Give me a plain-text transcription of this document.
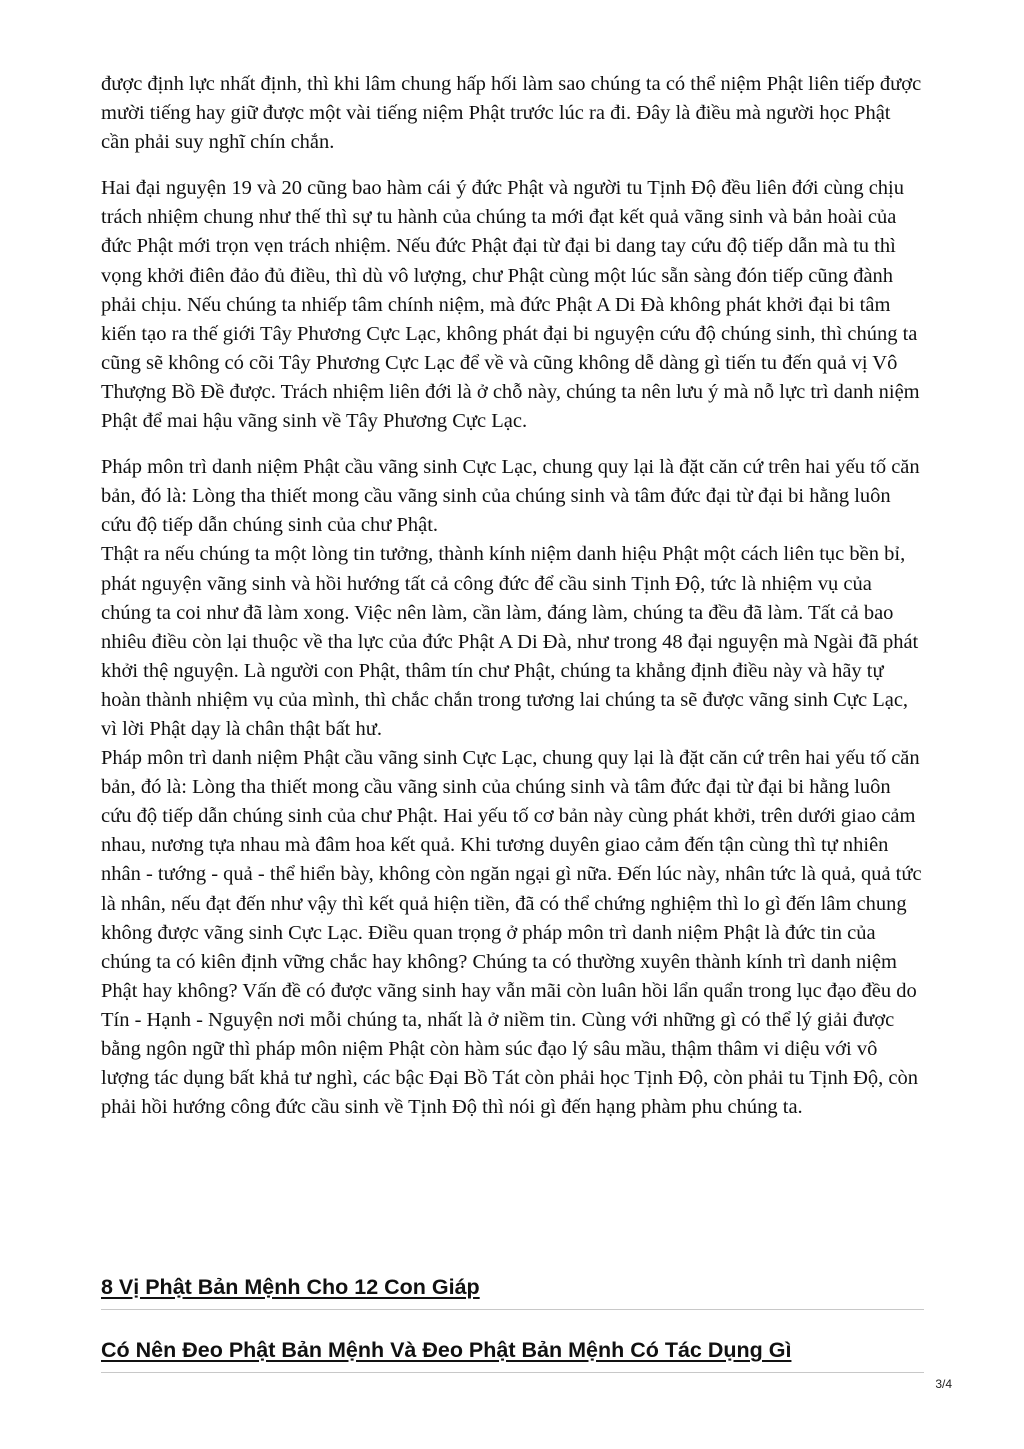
được định lực nhất định, thì khi lâm chung hấp hối làm sao chúng ta có thể niệm Phật liên tiếp được mười tiếng hay giữ được một vài tiếng niệm Phật trước lúc ra đi. Đây là điều mà người học Phật cần phải suy nghĩ chín chắn.

Hai đại nguyện 19 và 20 cũng bao hàm cái ý đức Phật và người tu Tịnh Độ đều liên đới cùng chịu trách nhiệm chung như thế thì sự tu hành của chúng ta mới đạt kết quả vãng sinh và bản hoài của đức Phật mới trọn vẹn trách nhiệm. Nếu đức Phật đại từ đại bi dang tay cứu độ tiếp dẫn mà tu thì vọng khởi điên đảo đủ điều, thì dù vô lượng, chư Phật cùng một lúc sẵn sàng đón tiếp cũng đành phải chịu. Nếu chúng ta nhiếp tâm chính niệm, mà đức Phật A Di Đà không phát khởi đại bi tâm kiến tạo ra thế giới Tây Phương Cực Lạc, không phát đại bi nguyện cứu độ chúng sinh, thì chúng ta cũng sẽ không có cõi Tây Phương Cực Lạc để về và cũng không dễ dàng gì tiến tu đến quả vị Vô Thượng Bồ Đề được. Trách nhiệm liên đới là ở chỗ này, chúng ta nên lưu ý mà nỗ lực trì danh niệm Phật để mai hậu vãng sinh về Tây Phương Cực Lạc.

Pháp môn trì danh niệm Phật cầu vãng sinh Cực Lạc, chung quy lại là đặt căn cứ trên hai yếu tố căn bản, đó là: Lòng tha thiết mong cầu vãng sinh của chúng sinh và tâm đức đại từ đại bi hằng luôn cứu độ tiếp dẫn chúng sinh của chư Phật.

Thật ra nếu chúng ta một lòng tin tưởng, thành kính niệm danh hiệu Phật một cách liên tục bền bỉ, phát nguyện vãng sinh và hồi hướng tất cả công đức để cầu sinh Tịnh Độ, tức là nhiệm vụ của chúng ta coi như đã làm xong. Việc nên làm, cần làm, đáng làm, chúng ta đều đã làm. Tất cả bao nhiêu điều còn lại thuộc về tha lực của đức Phật A Di Đà, như trong 48 đại nguyện mà Ngài đã phát khởi thệ nguyện. Là người con Phật, thâm tín chư Phật, chúng ta khẳng định điều này và hãy tự hoàn thành nhiệm vụ của mình, thì chắc chắn trong tương lai chúng ta sẽ được vãng sinh Cực Lạc, vì lời Phật dạy là chân thật bất hư.

Pháp môn trì danh niệm Phật cầu vãng sinh Cực Lạc, chung quy lại là đặt căn cứ trên hai yếu tố căn bản, đó là: Lòng tha thiết mong cầu vãng sinh của chúng sinh và tâm đức đại từ đại bi hằng luôn cứu độ tiếp dẫn chúng sinh của chư Phật. Hai yếu tố cơ bản này cùng phát khởi, trên dưới giao cảm nhau, nương tựa nhau mà đâm hoa kết quả. Khi tương duyên giao cảm đến tận cùng thì tự nhiên nhân - tướng - quả - thể hiển bày, không còn ngăn ngại gì nữa. Đến lúc này, nhân tức là quả, quả tức là nhân, nếu đạt đến như vậy thì kết quả hiện tiền, đã có thể chứng nghiệm thì lo gì đến lâm chung không được vãng sinh Cực Lạc. Điều quan trọng ở pháp môn trì danh niệm Phật là đức tin của chúng ta có kiên định vững chắc hay không? Chúng ta có thường xuyên thành kính trì danh niệm Phật hay không? Vấn đề có được vãng sinh hay vẫn mãi còn luân hồi lẩn quẩn trong lục đạo đều do Tín - Hạnh - Nguyện nơi mỗi chúng ta, nhất là ở niềm tin. Cùng với những gì có thể lý giải được bằng ngôn ngữ thì pháp môn niệm Phật còn hàm súc đạo lý sâu mầu, thậm thâm vi diệu với vô lượng tác dụng bất khả tư nghì, các bậc Đại Bồ Tát còn phải học Tịnh Độ, còn phải tu Tịnh Độ, còn phải hồi hướng công đức cầu sinh về Tịnh Độ thì nói gì đến hạng phàm phu chúng ta.

8 Vị Phật Bản Mệnh Cho 12 Con Giáp
Có Nên Đeo Phật Bản Mệnh Và Đeo Phật Bản Mệnh Có Tác Dụng Gì
3/4
